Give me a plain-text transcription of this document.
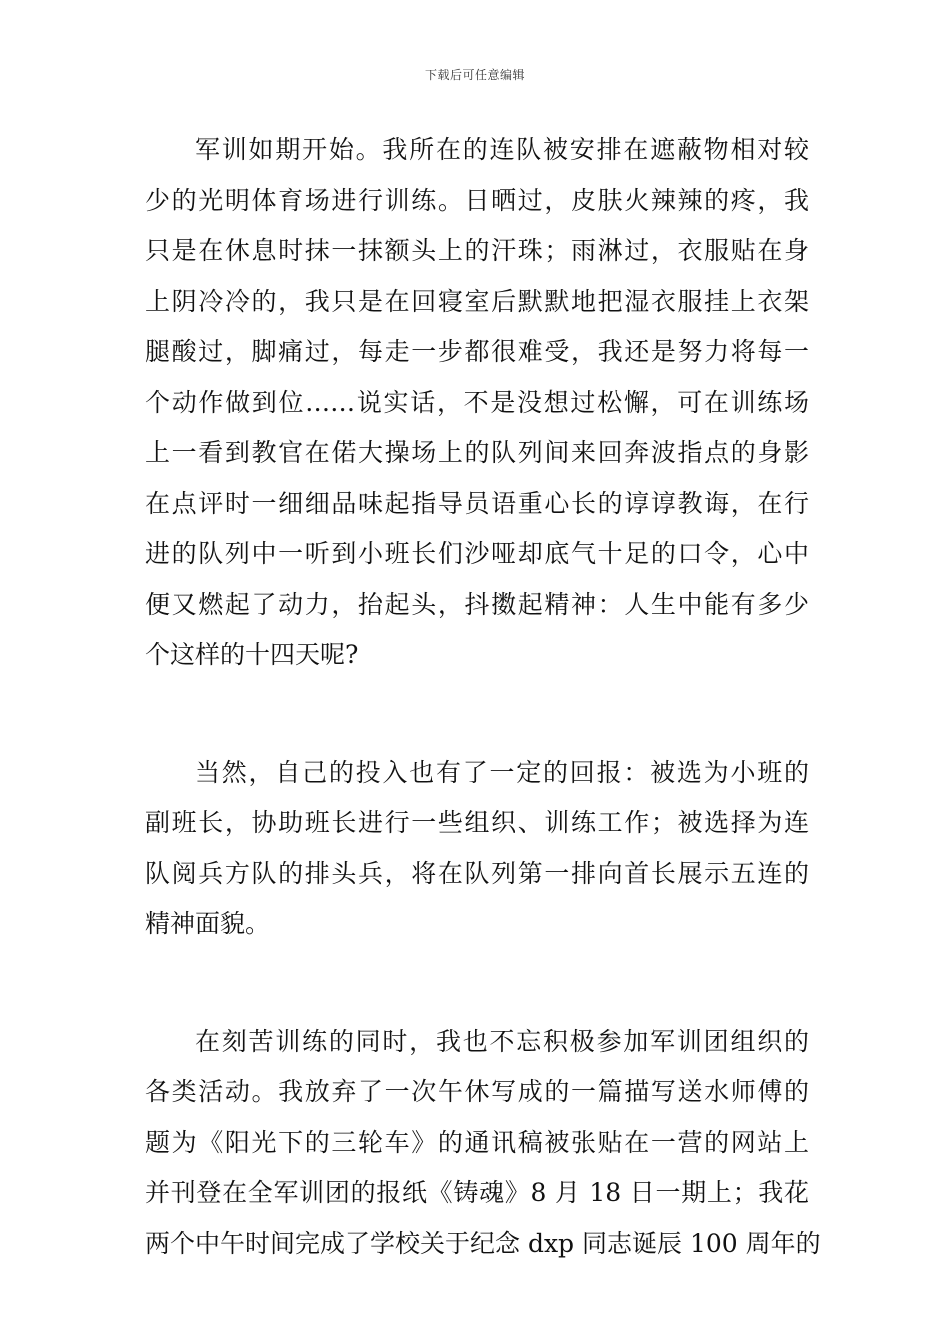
下载后可任意编辑
军训如期开始。我所在的连队被安排在遮蔽物相对较
少的光明体育场进行训练。日晒过，皮肤火辣辣的疼，我
只是在休息时抹一抹额头上的汗珠；雨淋过，衣服贴在身
上阴冷冷的，我只是在回寝室后默默地把湿衣服挂上衣架
腿酸过，脚痛过，每走一步都很难受，我还是努力将每一
个动作做到位……说实话，不是没想过松懈，可在训练场
上一看到教官在偌大操场上的队列间来回奔波指点的身影
在点评时一细细品味起指导员语重心长的谆谆教诲，在行
进的队列中一听到小班长们沙哑却底气十足的口令，心中
便又燃起了动力，抬起头，抖擞起精神：人生中能有多少
个这样的十四天呢?
当然，自己的投入也有了一定的回报：被选为小班的
副班长，协助班长进行一些组织、训练工作；被选择为连
队阅兵方队的排头兵，将在队列第一排向首长展示五连的
精神面貌。
在刻苦训练的同时，我也不忘积极参加军训团组织的
各类活动。我放弃了一次午休写成的一篇描写送水师傅的
题为《阳光下的三轮车》的通讯稿被张贴在一营的网站上
并刊登在全军训团的报纸《铸魂》8 月 18 日一期上；我花
两个中午时间完成了学校关于纪念 dxp 同志诞辰 100 周年的
